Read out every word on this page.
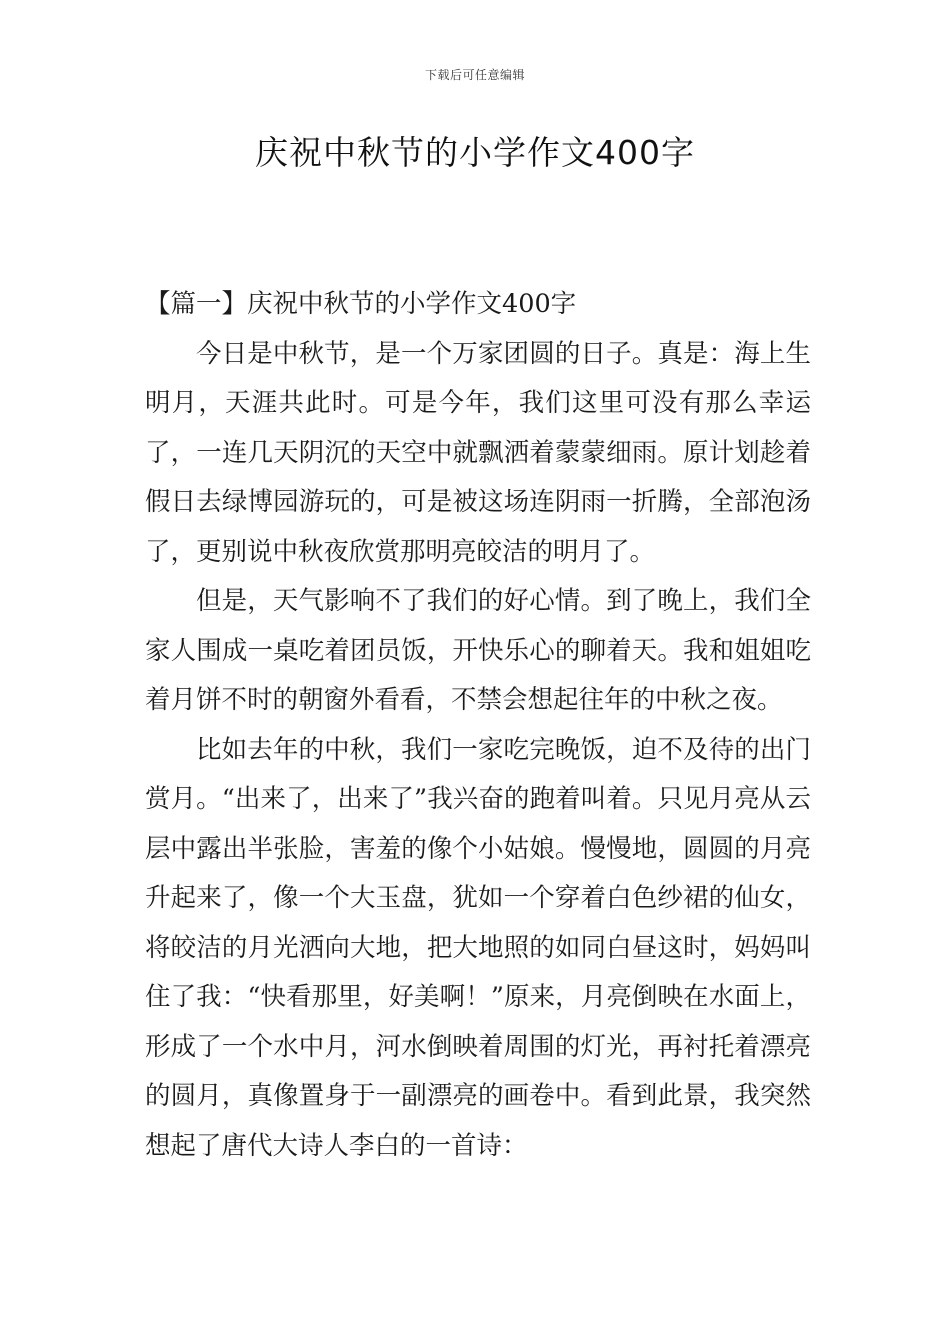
下载后可任意编辑
庆祝中秋节的小学作文400字

【篇一】庆祝中秋节的小学作文400字

今日是中秋节，是一个万家团圆的日子。真是：海上生明月，天涯共此时。可是今年，我们这里可没有那么幸运了，一连几天阴沉的天空中就飘洒着蒙蒙细雨。原计划趁着假日去绿博园游玩的，可是被这场连阴雨一折腾，全部泡汤了，更别说中秋夜欣赏那明亮皎洁的明月了。

但是，天气影响不了我们的好心情。到了晚上，我们全家人围成一桌吃着团员饭，开快乐心的聊着天。我和姐姐吃着月饼不时的朝窗外看看，不禁会想起往年的中秋之夜。

比如去年的中秋，我们一家吃完晚饭，迫不及待的出门赏月。“出来了，出来了”我兴奋的跑着叫着。只见月亮从云层中露出半张脸，害羞的像个小姑娘。慢慢地，圆圆的月亮升起来了，像一个大玉盘，犹如一个穿着白色纱裙的仙女，将皎洁的月光洒向大地，把大地照的如同白昼这时，妈妈叫住了我：“快看那里，好美啊！”原来，月亮倒映在水面上，形成了一个水中月，河水倒映着周围的灯光，再衬托着漂亮的圆月，真像置身于一副漂亮的画卷中。看到此景，我突然想起了唐代大诗人李白的一首诗：
